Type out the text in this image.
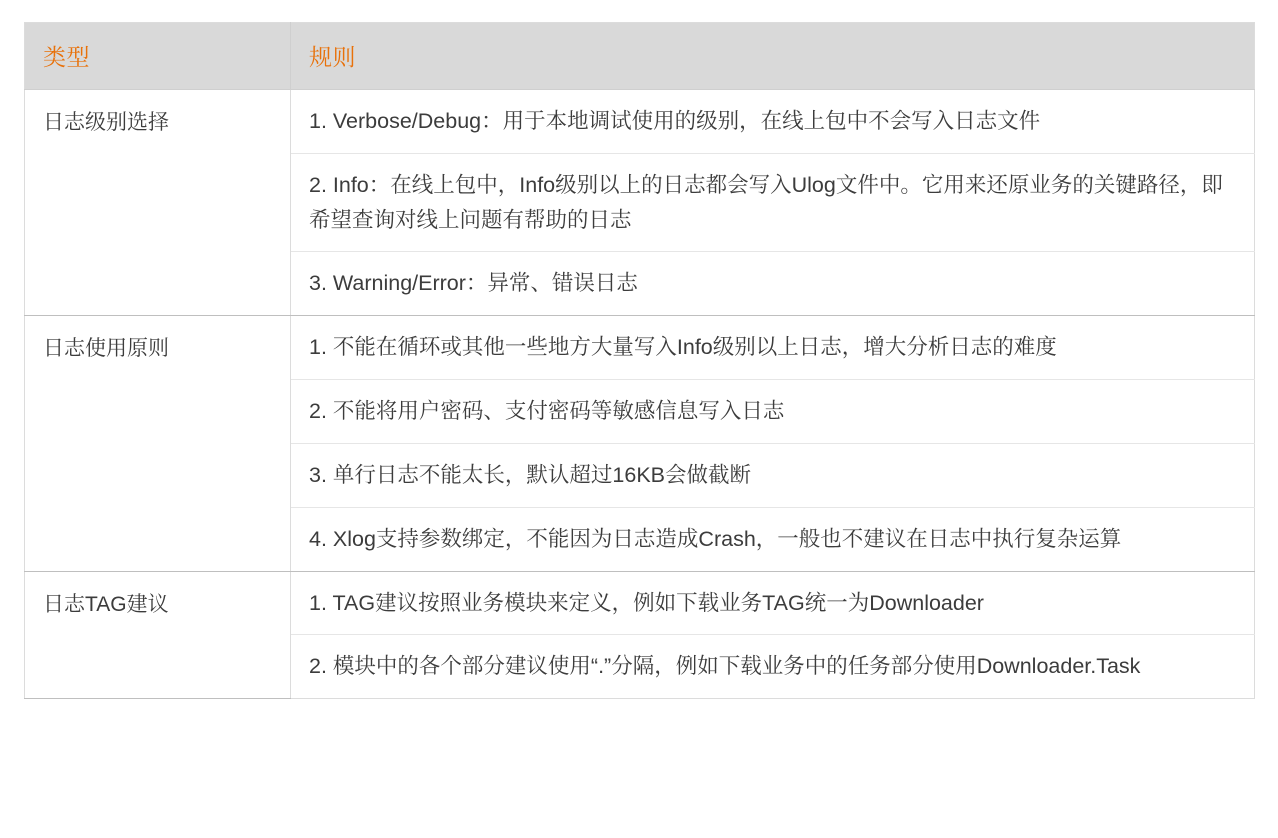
类型	规则
日志级别选择	1. Verbose/Debug：用于本地调试使用的级别，在线上包中不会写入日志文件
	2. Info：在线上包中，Info级别以上的日志都会写入Ulog文件中。它用来还原业务的关键路径，即希望查询对线上问题有帮助的日志
	3. Warning/Error：异常、错误日志
日志使用原则	1. 不能在循环或其他一些地方大量写入Info级别以上日志，增大分析日志的难度
	2. 不能将用户密码、支付密码等敏感信息写入日志
	3. 单行日志不能太长，默认超过16KB会做截断
	4. Xlog支持参数绑定，不能因为日志造成Crash，一般也不建议在日志中执行复杂运算
日志TAG建议	1. TAG建议按照业务模块来定义，例如下载业务TAG统一为Downloader
	2. 模块中的各个部分建议使用“.”分隔，例如下载业务中的任务部分使用Downloader.Task
